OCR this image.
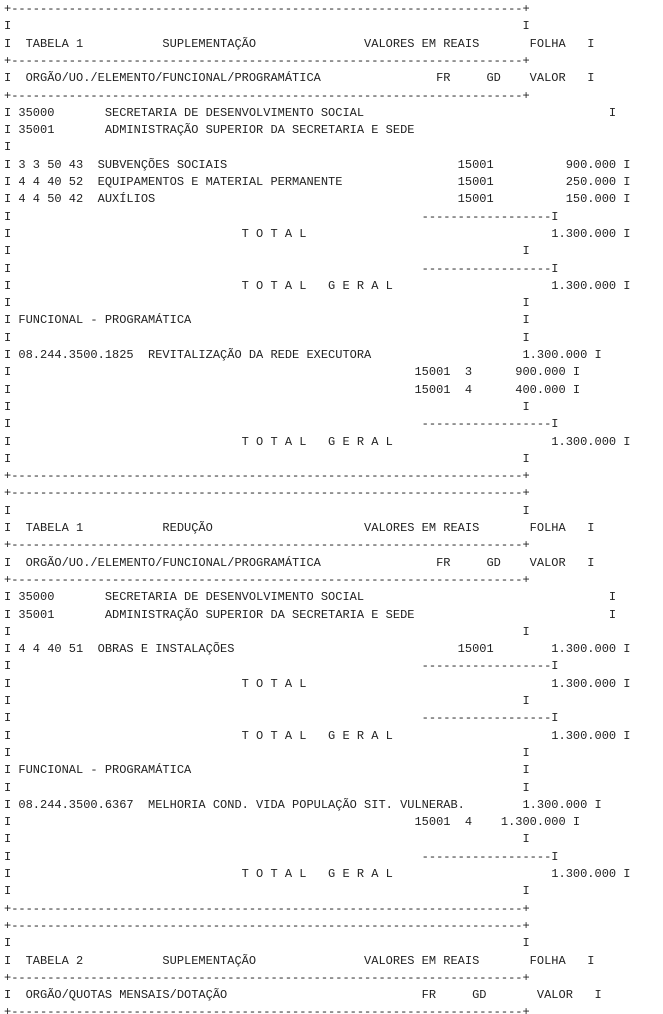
+-----------------------------------------------------------------------+
I                                                                       I
I  TABELA 1           SUPLEMENTAÇÃO               VALORES EM REAIS       FOLHA   I
+-----------------------------------------------------------------------+
I  ORGÃO/UO./ELEMENTO/FUNCIONAL/PROGRAMÁTICA                FR     GD    VALOR   I
+-----------------------------------------------------------------------+
I 35000       SECRETARIA DE DESENVOLVIMENTO SOCIAL                                  I
I 35001       ADMINISTRAÇÃO SUPERIOR DA SECRETARIA E SEDE
I
I 3 3 50 43  SUBVENÇÕES SOCIAIS                                15001          900.000 I
I 4 4 40 52  EQUIPAMENTOS E MATERIAL PERMANENTE                15001          250.000 I
I 4 4 50 42  AUXÍLIOS                                          15001          150.000 I
I                                                         ------------------I
I                                T O T A L                                  1.300.000 I
I                                                                       I
I                                                         ------------------I
I                                T O T A L   G E R A L                      1.300.000 I
I                                                                       I
I FUNCIONAL - PROGRAMÁTICA                                              I
I                                                                       I
I 08.244.3500.1825  REVITALIZAÇÃO DA REDE EXECUTORA                     1.300.000 I
I                                                        15001  3      900.000 I
I                                                        15001  4      400.000 I
I                                                                       I
I                                                         ------------------I
I                                T O T A L   G E R A L                      1.300.000 I
I                                                                       I
+-----------------------------------------------------------------------+
+-----------------------------------------------------------------------+
I                                                                       I
I  TABELA 1           REDUÇÃO                     VALORES EM REAIS       FOLHA   I
+-----------------------------------------------------------------------+
I  ORGÃO/UO./ELEMENTO/FUNCIONAL/PROGRAMÁTICA                FR     GD    VALOR   I
+-----------------------------------------------------------------------+
I 35000       SECRETARIA DE DESENVOLVIMENTO SOCIAL                                  I
I 35001       ADMINISTRAÇÃO SUPERIOR DA SECRETARIA E SEDE                           I
I                                                                       I
I 4 4 40 51  OBRAS E INSTALAÇÕES                               15001        1.300.000 I
I                                                         ------------------I
I                                T O T A L                                  1.300.000 I
I                                                                       I
I                                                         ------------------I
I                                T O T A L   G E R A L                      1.300.000 I
I                                                                       I
I FUNCIONAL - PROGRAMÁTICA                                              I
I                                                                       I
I 08.244.3500.6367  MELHORIA COND. VIDA POPULAÇÃO SIT. VULNERAB.        1.300.000 I
I                                                        15001  4    1.300.000 I
I                                                                       I
I                                                         ------------------I
I                                T O T A L   G E R A L                      1.300.000 I
I                                                                       I
+-----------------------------------------------------------------------+
+-----------------------------------------------------------------------+
I                                                                       I
I  TABELA 2           SUPLEMENTAÇÃO               VALORES EM REAIS       FOLHA   I
+-----------------------------------------------------------------------+
I  ORGÃO/QUOTAS MENSAIS/DOTAÇÃO                           FR     GD       VALOR   I
+-----------------------------------------------------------------------+
